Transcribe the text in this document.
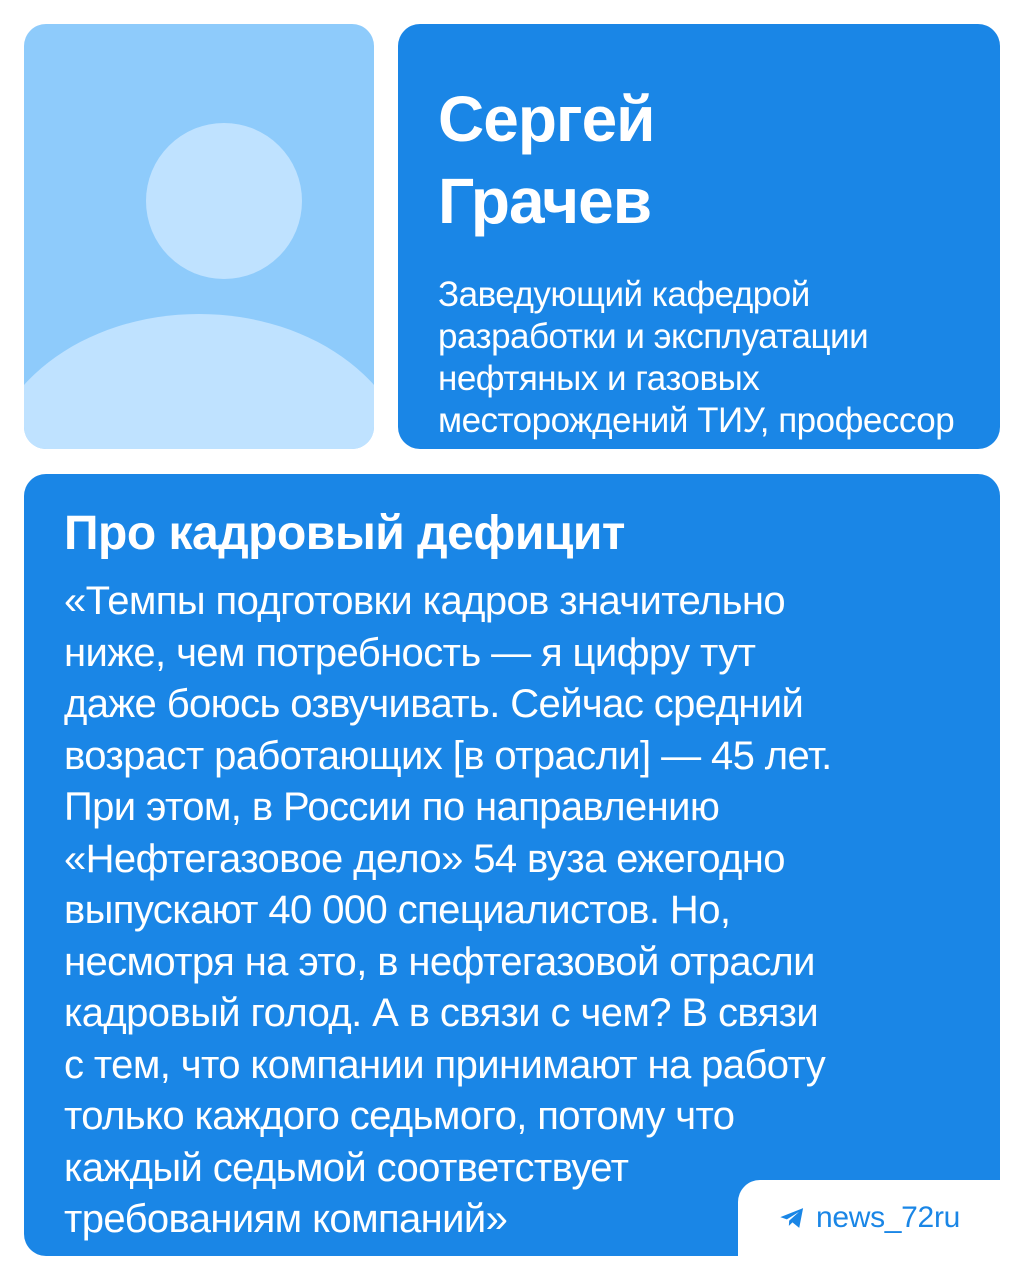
Сергей
Грачев
Заведующий кафедрой
разработки и эксплуатации
нефтяных и газовых
месторождений ТИУ, профессор
Про кадровый дефицит
«Темпы подготовки кадров значительно
ниже, чем потребность — я цифру тут
даже боюсь озвучивать. Сейчас средний
возраст работающих [в отрасли] — 45 лет.
При этом, в России по направлению
«Нефтегазовое дело» 54 вуза ежегодно
выпускают 40 000 специалистов. Но,
несмотря на это, в нефтегазовой отрасли
кадровый голод. А в связи с чем? В связи
с тем, что компании принимают на работу
только каждого седьмого, потому что
каждый седьмой соответствует
требованиям компаний»	news_72ru
